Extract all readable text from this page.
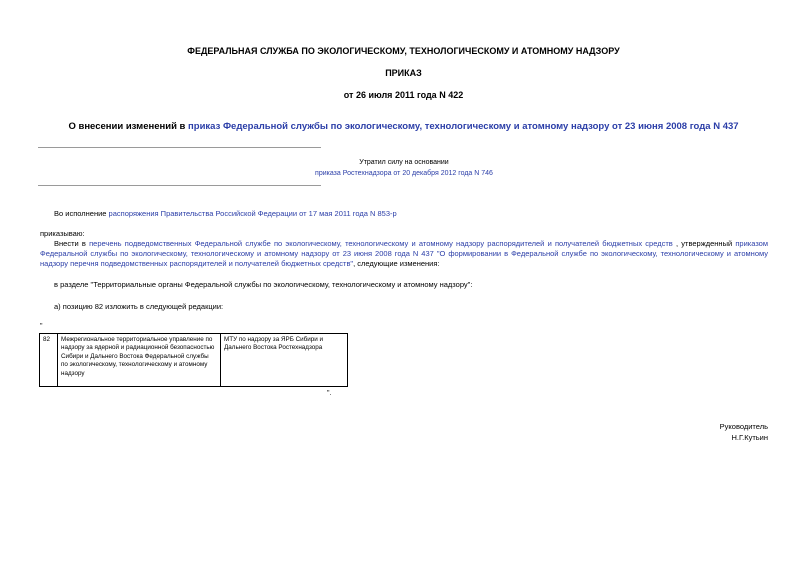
ФЕДЕРАЛЬНАЯ СЛУЖБА ПО ЭКОЛОГИЧЕСКОМУ, ТЕХНОЛОГИЧЕСКОМУ И АТОМНОМУ НАДЗОРУ
ПРИКАЗ
от 26 июля 2011 года N 422
О внесении изменений в приказ Федеральной службы по экологическому, технологическому и атомному надзору от 23 июня 2008 года N 437
Утратил силу на основании
приказа Ростехнадзора от 20 декабря 2012 года N 746
Во исполнение распоряжения Правительства Российской Федерации от 17 мая 2011 года N 853-р
приказываю:
Внести в перечень подведомственных Федеральной службе по экологическому, технологическому и атомному надзору распорядителей и получателей бюджетных средств , утвержденный приказом Федеральной службы по экологическому, технологическому и атомному надзору от 23 июня 2008 года N 437 "О формировании в Федеральной службе по экологическому, технологическому и атомному надзору перечня подведомственных распорядителей и получателей бюджетных средств", следующие изменения:
в разделе "Территориальные органы Федеральной службы по экологическому, технологическому и атомному надзору":
а) позицию 82 изложить в следующей редакции:
"
82	Межрегиональное территориальное управление по надзору за ядерной и радиационной безопасностью Сибири и Дальнего Востока Федеральной службы по экологическому, технологическому и атомному надзору	МТУ по надзору за ЯРБ Сибири и Дальнего Востока Ростехнадзора
".
Руководитель
Н.Г.Кутьин
